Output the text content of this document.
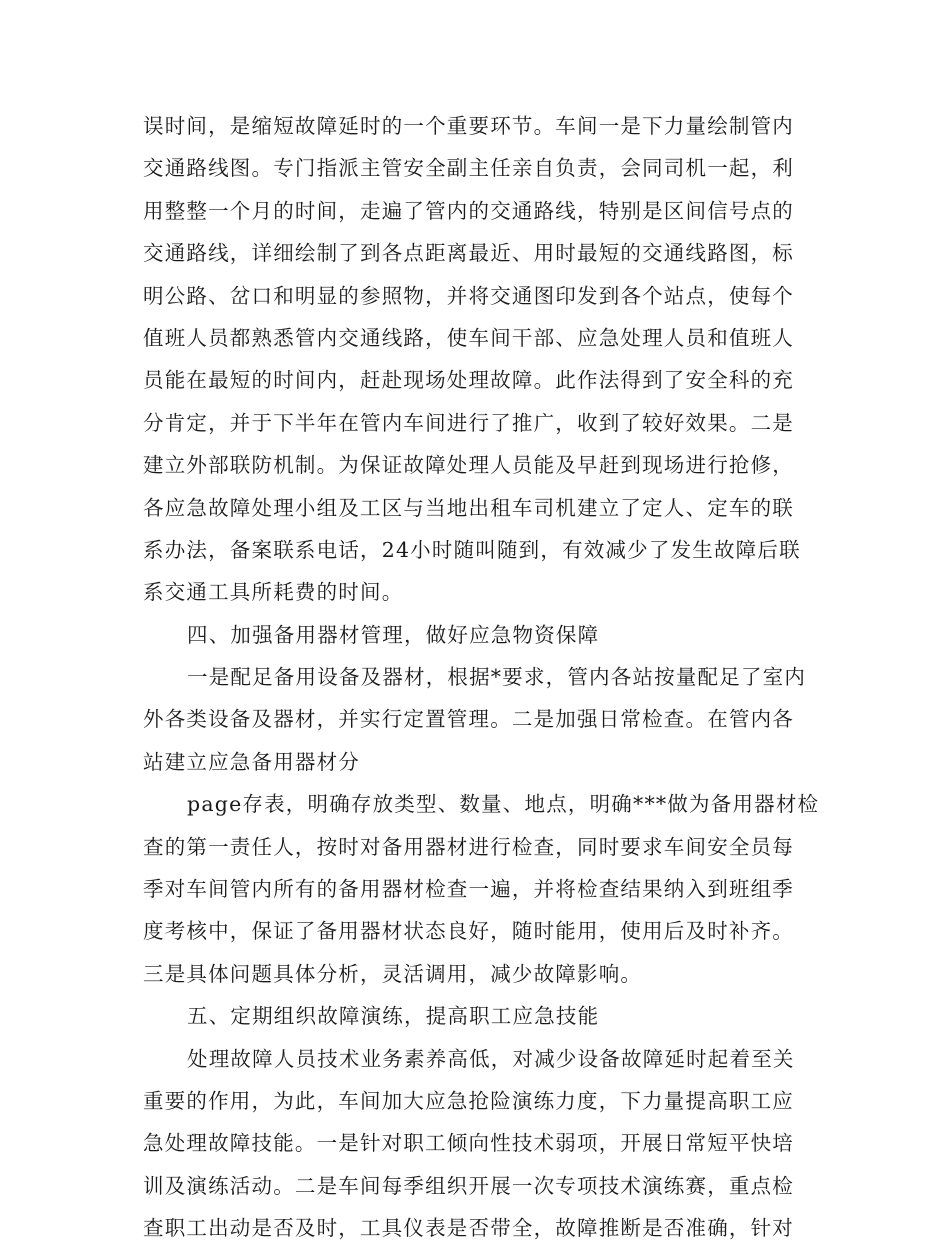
误时间，是缩短故障延时的一个重要环节。车间一是下力量绘制管内
交通路线图。专门指派主管安全副主任亲自负责，会同司机一起，利
用整整一个月的时间，走遍了管内的交通路线，特别是区间信号点的
交通路线，详细绘制了到各点距离最近、用时最短的交通线路图，标
明公路、岔口和明显的参照物，并将交通图印发到各个站点，使每个
值班人员都熟悉管内交通线路，使车间干部、应急处理人员和值班人
员能在最短的时间内，赶赴现场处理故障。此作法得到了安全科的充
分肯定，并于下半年在管内车间进行了推广，收到了较好效果。二是
建立外部联防机制。为保证故障处理人员能及早赶到现场进行抢修，
各应急故障处理小组及工区与当地出租车司机建立了定人、定车的联
系办法，备案联系电话，24小时随叫随到，有效减少了发生故障后联
系交通工具所耗费的时间。
四、加强备用器材管理，做好应急物资保障
一是配足备用设备及器材，根据*要求，管内各站按量配足了室内
外各类设备及器材，并实行定置管理。二是加强日常检查。在管内各
站建立应急备用器材分
page存表，明确存放类型、数量、地点，明确***做为备用器材检
查的第一责任人，按时对备用器材进行检查，同时要求车间安全员每
季对车间管内所有的备用器材检查一遍，并将检查结果纳入到班组季
度考核中，保证了备用器材状态良好，随时能用，使用后及时补齐。
三是具体问题具体分析，灵活调用，减少故障影响。
五、定期组织故障演练，提高职工应急技能
处理故障人员技术业务素养高低，对减少设备故障延时起着至关
重要的作用，为此，车间加大应急抢险演练力度，下力量提高职工应
急处理故障技能。一是针对职工倾向性技术弱项，开展日常短平快培
训及演练活动。二是车间每季组织开展一次专项技术演练赛，重点检
查职工出动是否及时，工具仪表是否带全，故障推断是否准确，针对
